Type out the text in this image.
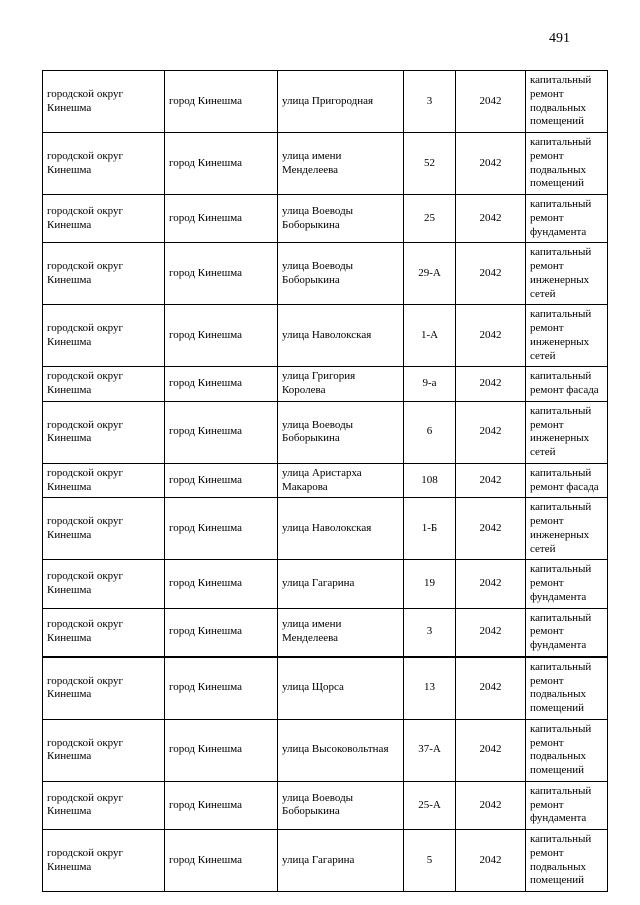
491
городской округ Кинешма	город Кинешма	улица Пригородная	3	2042	капитальный ремонт подвальных помещений
городской округ Кинешма	город Кинешма	улица имени Менделеева	52	2042	капитальный ремонт подвальных помещений
городской округ Кинешма	город Кинешма	улица Воеводы Боборыкина	25	2042	капитальный ремонт фундамента
городской округ Кинешма	город Кинешма	улица Воеводы Боборыкина	29-А	2042	капитальный ремонт инженерных сетей
городской округ Кинешма	город Кинешма	улица Наволокская	1-А	2042	капитальный ремонт инженерных сетей
городской округ Кинешма	город Кинешма	улица Григория Королева	9-а	2042	капитальный ремонт фасада
городской округ Кинешма	город Кинешма	улица Воеводы Боборыкина	6	2042	капитальный ремонт инженерных сетей
городской округ Кинешма	город Кинешма	улица Аристарха Макарова	108	2042	капитальный ремонт фасада
городской округ Кинешма	город Кинешма	улица Наволокская	1-Б	2042	капитальный ремонт инженерных сетей
городской округ Кинешма	город Кинешма	улица Гагарина	19	2042	капитальный ремонт фундамента
городской округ Кинешма	город Кинешма	улица имени Менделеева	3	2042	капитальный ремонт фундамента
городской округ Кинешма	город Кинешма	улица Щорса	13	2042	капитальный ремонт подвальных помещений
городской округ Кинешма	город Кинешма	улица Высоковольтная	37-А	2042	капитальный ремонт подвальных помещений
городской округ Кинешма	город Кинешма	улица Воеводы Боборыкина	25-А	2042	капитальный ремонт фундамента
городской округ Кинешма	город Кинешма	улица Гагарина	5	2042	капитальный ремонт подвальных помещений
